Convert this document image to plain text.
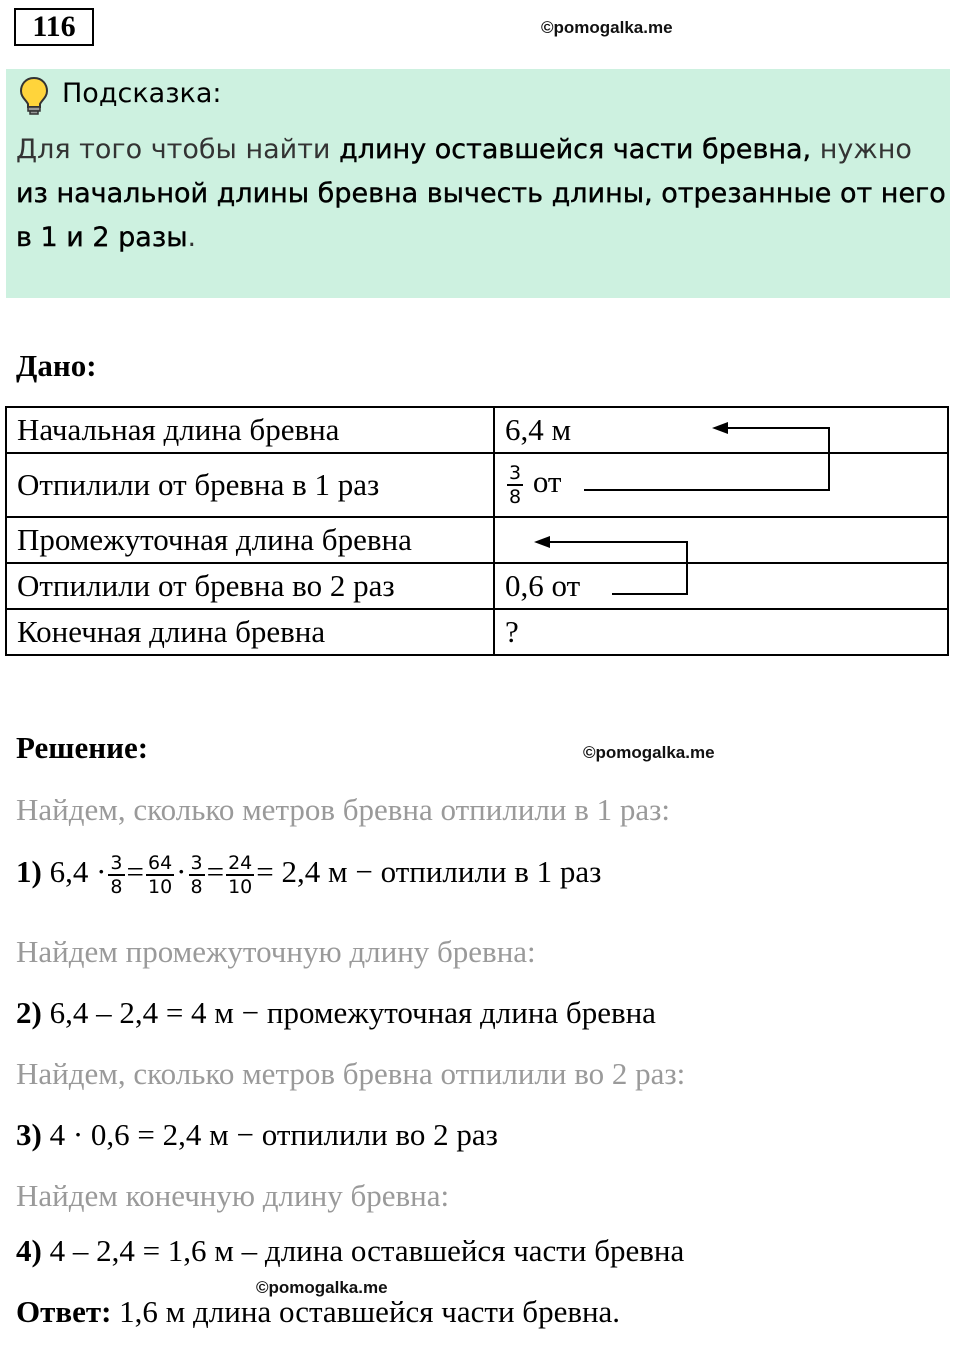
116	©pomogalka.me
Подсказка:
Для того чтобы найти длину оставшейся части бревна, нужно из начальной длины бревна вычесть длины, отрезанные от него в 1 и 2 разы.
Дано:
Начальная длина бревна	6,4 м
Отпилили от бревна в 1 раз	$\frac{3}{8}$ от
Промежуточная длина бревна	
Отпилили от бревна во 2 раз	0,6 от
Конечная длина бревна	?
Решение:	©pomogalka.me
Найдем, сколько метров бревна отпилили в 1 раз:
1) $6,4 \cdot \frac{3}{8} = \frac{64}{10} \cdot \frac{3}{8} = \frac{24}{10} = 2,4$ м − отпилили в 1 раз
Найдем промежуточную длину бревна:
2) 6,4 – 2,4 = 4 м − промежуточная длина бревна
Найдем, сколько метров бревна отпилили во 2 раз:
3) 4 · 0,6 = 2,4 м − отпилили во 2 раз
Найдем конечную длину бревна:
4) 4 – 2,4 = 1,6 м – длина оставшейся части бревна
©pomogalka.me
Ответ: 1,6 м длина оставшейся части бревна.
